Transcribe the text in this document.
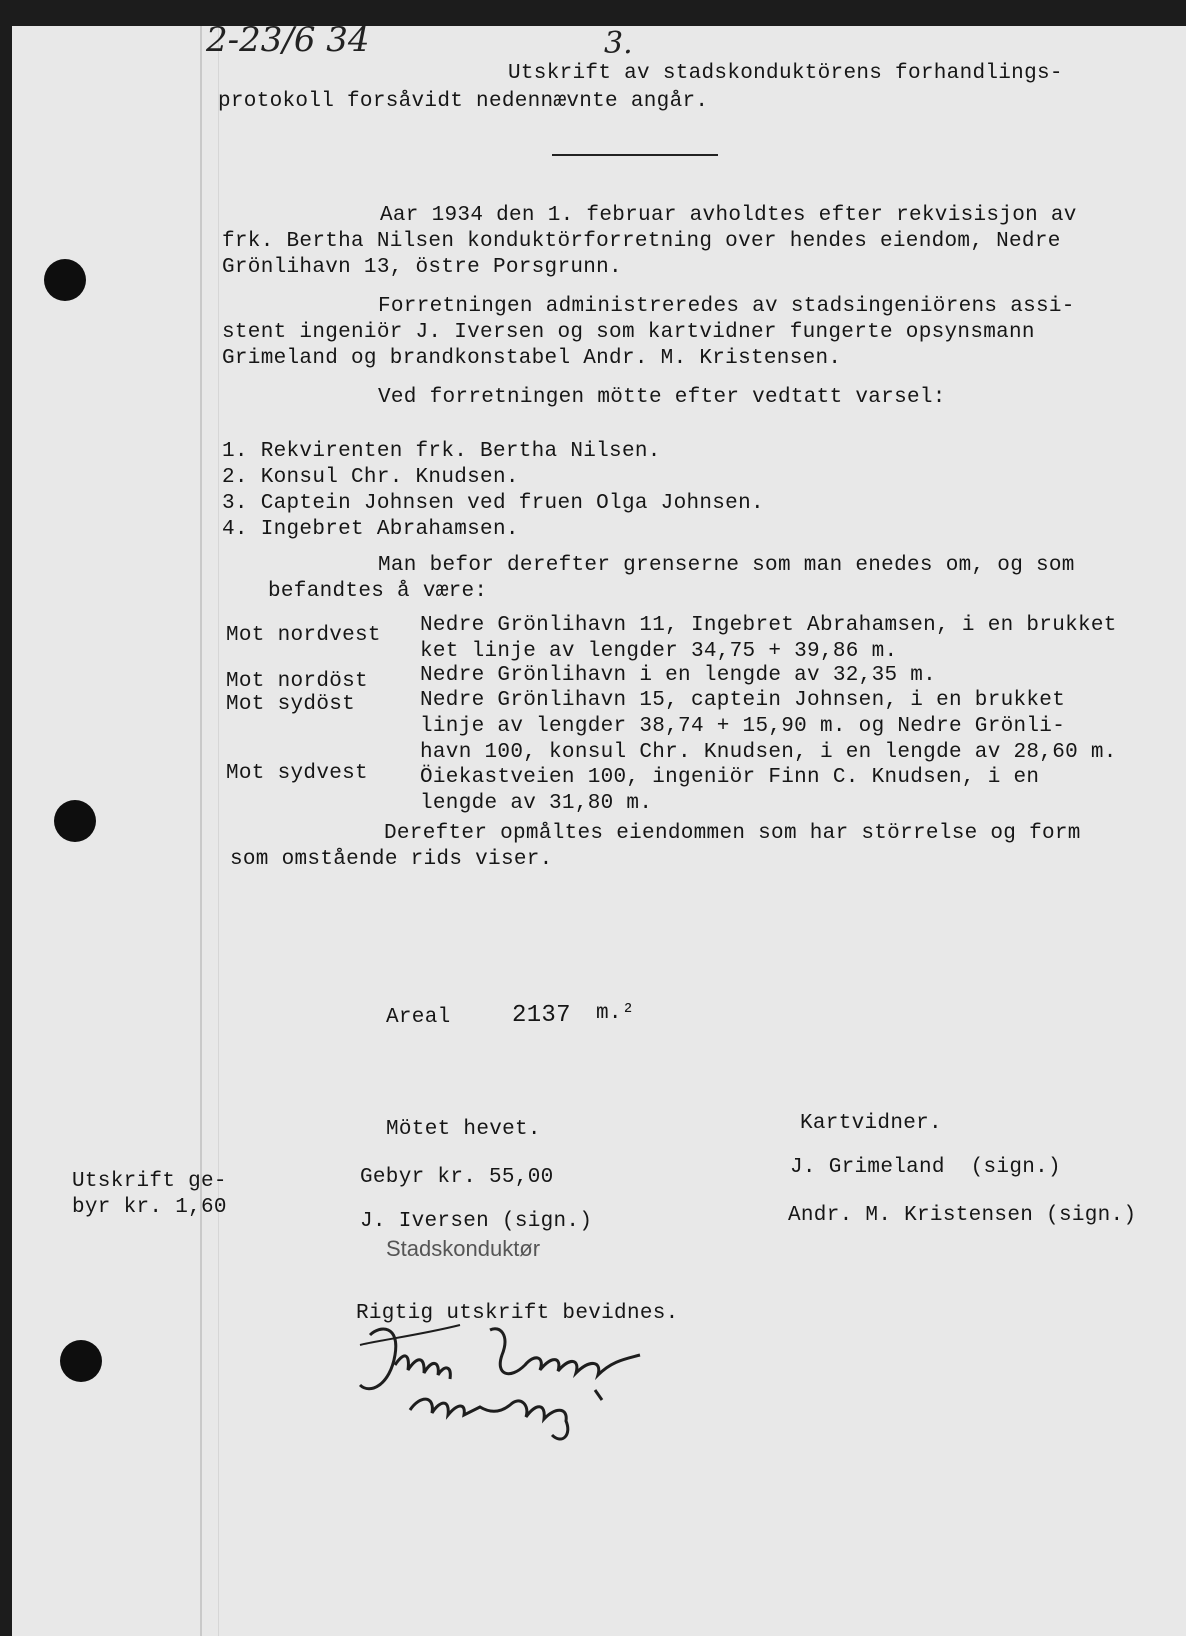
2-23/6 34	3.
Utskrift av stadskonduktörens forhandlings-
protokoll forsåvidt nedennævnte angår.
Aar 1934 den 1. februar avholdtes efter rekvisisjon av
frk. Bertha Nilsen konduktörforretning over hendes eiendom, Nedre
Grönlihavn 13, östre Porsgrunn.
Forretningen administreredes av stadsingeniörens assi-
stent ingeniör J. Iversen og som kartvidner fungerte opsynsmann
Grimeland og brandkonstabel Andr. M. Kristensen.
Ved forretningen mötte efter vedtatt varsel:
1. Rekvirenten frk. Bertha Nilsen.
2. Konsul Chr. Knudsen.
3. Captein Johnsen ved fruen Olga Johnsen.
4. Ingebret Abrahamsen.
Man befor derefter grenserne som man enedes om, og som
befandtes å være:
Mot nordvest Nedre Grönlihavn 11, Ingebret Abrahamsen, i en brukket
ket linje av lengder 34,75 + 39,86 m.
Mot nordöst Nedre Grönlihavn i en lengde av 32,35 m.
Mot sydöst	Nedre Grönlihavn 15, captein Johnsen, i en brukket
linje av lengder 38,74 + 15,90 m. og Nedre Grönli-
havn 100, konsul Chr. Knudsen, i en lengde av 28,60 m.
Mot sydvest Öiekastveien 100, ingeniör Finn C. Knudsen, i en
lengde av 31,80 m.
Derefter opmåltes eiendommen som har störrelse og form
som omstående rids viser.
Areal	2137 m.²
Mötet hevet.	Kartvidner.
Utskrift ge-
byr kr. 1,60
Gebyr kr. 55,00	J. Grimeland  (sign.)
J. Iversen (sign.)	Andr. M. Kristensen (sign.)
Stadskonduktør
Rigtig utskrift bevidnes.
